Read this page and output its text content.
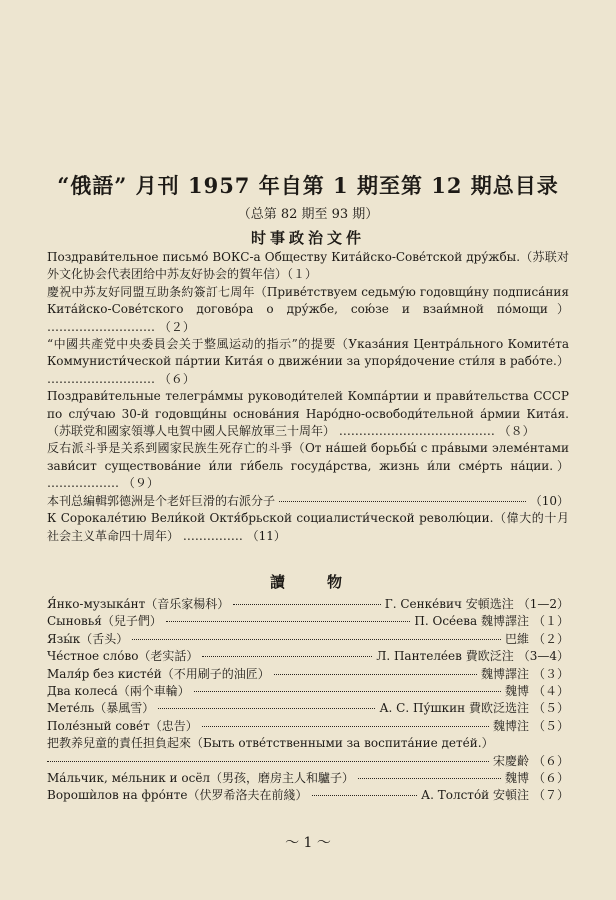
“俄語” 月刊 1957 年自第 1 期至第 12 期总目录
（总第 82 期至 93 期）
时事政治文件
Поздрави́тельное письмо́ ВОКС-а Обществу Кита́йско-Сове́тской дру́жбы.（苏联对外文化协会代表团给中苏友好协会的賀年信）（１）
慶祝中苏友好同盟互助条約簽訂七周年（Приве́тствуем седьму́ю годовщи́ну подписа́ния Кита́йско-Сове́тского догово́ра о дру́жбе, сою́зе и взаи́мной по́мощи） ……………………… （２）
“中國共產党中央委員会关于整風运动的指示”的提要（Указа́ния Центра́льного Комите́та Коммунисти́ческой па́ртии Кита́я о движе́нии за упоря́дочение сти́ля в рабо́те.） ……………………… （６）
Поздрави́тельные телегра́ммы руководи́телей Компа́ртии и прави́тельства СССР по слу́чаю 30-й годовщи́ны основа́ния Наро́дно-освободи́тельной а́рмии Кита́я.（苏联党和國家領導人电賀中國人民解放軍三十周年） ………………………………… （８）
反右派斗爭是关系到國家民族生死存亡的斗爭（От на́шей борьбы́ с пра́выми элеме́нтами зави́сит существова́ние и́ли ги́бель госуда́рства, жизнь и́ли сме́рть на́ции.） ……………… （９）
本刊总編輯郭德洲是个老奸巨滑的右派分子	（10）
К Сорокале́тию Вели́кой Октя́брьской социалисти́ческой револю́ции.（偉大的十月社会主义革命四十周年） …………… （11）
讀　　物
Я́нко-музыка́нт（音乐家楊科）	Г. Сенке́вич 安頓选注 （1—2）
Сыновья́（兒子們）	П. Осе́ева 魏博譯注 （１）
Язы́к（舌头）	巴維 （２）
Че́стное сло́во（老实話）	Л. Пантеле́ев 費欧泛注 （3—4）
Маля́р без кисте́й（不用刷子的油匠）	魏博譯注 （３）
Два колеса́（兩个車輪）	魏博 （４）
Мете́ль（暴風雪）	А. С. Пу́шкин 費欧泛选注 （５）
Поле́зный сове́т（忠告）	魏博注 （５）
把教养兒童的責任担負起來（Быть отве́тственными за воспита́ние дете́й.）
宋慶齡 （６）
Ма́льчик, ме́льник и осёл（男孩，磨房主人和驢子）	魏博 （６）
Ворошѝлов на фро́нте（伏罗希洛夫在前綫）	А. Толсто́й 安頓注 （７）
～ 1 ～
